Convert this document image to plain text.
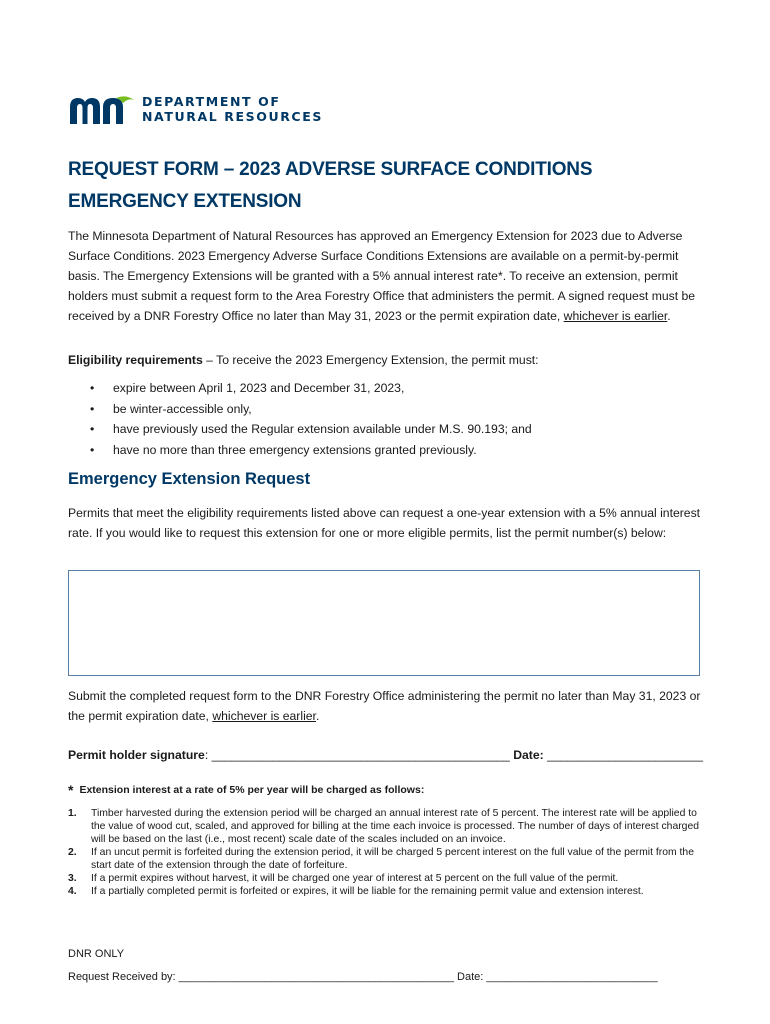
DEPARTMENT OF
NATURAL RESOURCES
REQUEST FORM – 2023 ADVERSE SURFACE CONDITIONS
EMERGENCY EXTENSION
The Minnesota Department of Natural Resources has approved an Emergency Extension for 2023 due to Adverse Surface Conditions. 2023 Emergency Adverse Surface Conditions Extensions are available on a permit-by-permit basis. The Emergency Extensions will be granted with a 5% annual interest rate*. To receive an extension, permit holders must submit a request form to the Area Forestry Office that administers the permit. A signed request must be received by a DNR Forestry Office no later than May 31, 2023 or the permit expiration date, whichever is earlier.
Eligibility requirements – To receive the 2023 Emergency Extension, the permit must:
• expire between April 1, 2023 and December 31, 2023,
• be winter-accessible only,
• have previously used the Regular extension available under M.S. 90.193; and
• have no more than three emergency extensions granted previously.
Emergency Extension Request
Permits that meet the eligibility requirements listed above can request a one-year extension with a 5% annual interest rate. If you would like to request this extension for one or more eligible permits, list the permit number(s) below:
Submit the completed request form to the DNR Forestry Office administering the permit no later than May 31, 2023 or the permit expiration date, whichever is earlier.
Permit holder signature: ____________________________________________ Date: _______________________
* Extension interest at a rate of 5% per year will be charged as follows:
1. Timber harvested during the extension period will be charged an annual interest rate of 5 percent. The interest rate will be applied to the value of wood cut, scaled, and approved for billing at the time each invoice is processed. The number of days of interest charged will be based on the last (i.e., most recent) scale date of the scales included on an invoice.
2. If an uncut permit is forfeited during the extension period, it will be charged 5 percent interest on the full value of the permit from the start date of the extension through the date of forfeiture.
3. If a permit expires without harvest, it will be charged one year of interest at 5 percent on the full value of the permit.
4. If a partially completed permit is forfeited or expires, it will be liable for the remaining permit value and extension interest.
DNR ONLY
Request Received by: _____________________________________________ Date: ____________________________
